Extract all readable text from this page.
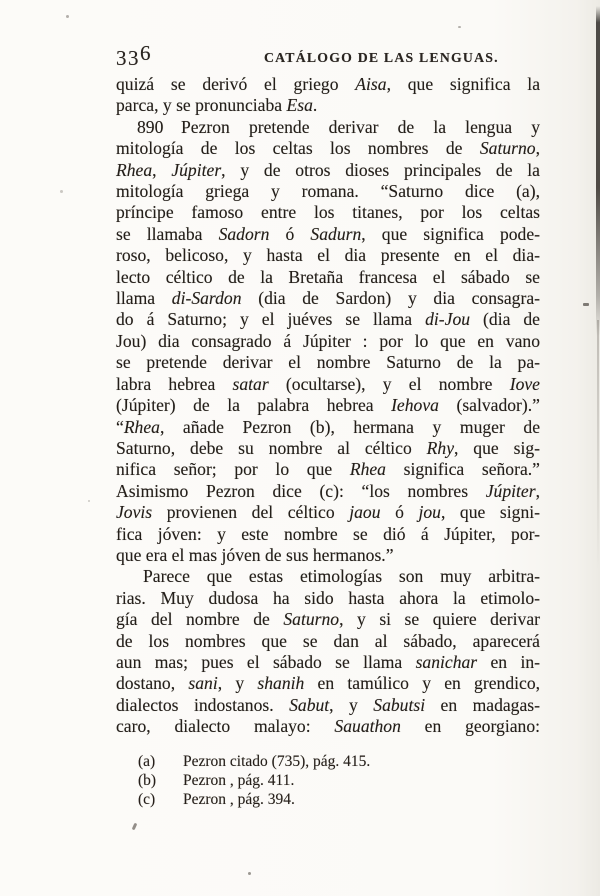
336	CATÁLOGO DE LAS LENGUAS.
quizá se derivó el griego Aisa, que significa la
parca, y se pronunciaba Esa.
890  Pezron pretende derivar de la lengua y
mitología de los celtas los nombres de Saturno,
Rhea, Júpiter, y de otros dioses principales de la
mitología griega y romana. “Saturno dice (a),
príncipe famoso entre los titanes, por los celtas
se llamaba Sadorn ó Sadurn, que significa pode-
roso, belicoso, y hasta el dia presente en el dia-
lecto céltico de la Bretaña francesa el sábado se
llama di-Sardon (dia de Sardon) y dia consagra-
do á Saturno; y el juéves se llama di-Jou (dia de
Jou) dia consagrado á Júpiter : por lo que en vano
se pretende derivar el nombre Saturno de la pa-
labra hebrea satar (ocultarse), y el nombre Iove
(Júpiter) de la palabra hebrea Iehova (salvador).”
“Rhea, añade Pezron (b), hermana y muger de
Saturno, debe su nombre al céltico Rhy, que sig-
nifica señor; por lo que Rhea significa señora.”
Asimismo Pezron dice (c): “los nombres Júpiter,
Jovis provienen del céltico jaou ó jou, que signi-
fica jóven: y este nombre se dió á Júpiter, por-
que era el mas jóven de sus hermanos.”
Parece que estas etimologías son muy arbitra-
rias. Muy dudosa ha sido hasta ahora la etimolo-
gía del nombre de Saturno, y si se quiere derivar
de los nombres que se dan al sábado, aparecerá
aun mas; pues el sábado se llama sanichar en in-
dostano, sani, y shanih en tamúlico y en grendico,
dialectos indostanos. Sabut, y Sabutsi en madagas-
caro, dialecto malayo: Sauathon en georgiano:
(a)	Pezron citado (735), pág. 415.
(b)	Pezron , pág. 411.
(c)	Pezron , pág. 394.
